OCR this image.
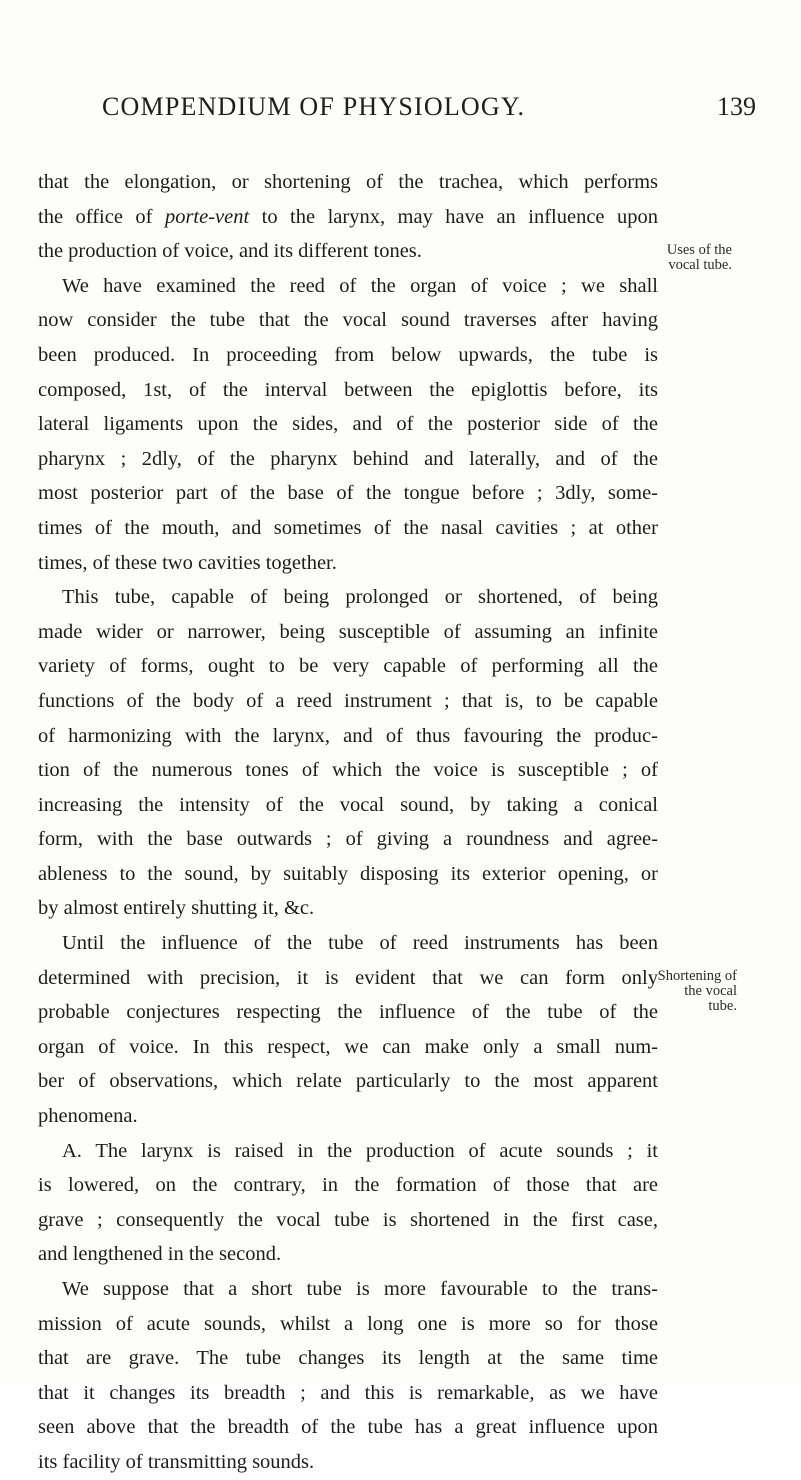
COMPENDIUM OF PHYSIOLOGY.	139
that the elongation, or shortening of the trachea, which performs
the office of porte-vent to the larynx, may have an influence upon
the production of voice, and its different tones.
We have examined the reed of the organ of voice ; we shall
now consider the tube that the vocal sound traverses after having
been produced. In proceeding from below upwards, the tube is
composed, 1st, of the interval between the epiglottis before, its
lateral ligaments upon the sides, and of the posterior side of the
pharynx ; 2dly, of the pharynx behind and laterally, and of the
most posterior part of the base of the tongue before ; 3dly, some-
times of the mouth, and sometimes of the nasal cavities ; at other
times, of these two cavities together.
This tube, capable of being prolonged or shortened, of being
made wider or narrower, being susceptible of assuming an infinite
variety of forms, ought to be very capable of performing all the
functions of the body of a reed instrument ; that is, to be capable
of harmonizing with the larynx, and of thus favouring the produc-
tion of the numerous tones of which the voice is susceptible ; of
increasing the intensity of the vocal sound, by taking a conical
form, with the base outwards ; of giving a roundness and agree-
ableness to the sound, by suitably disposing its exterior opening, or
by almost entirely shutting it, &c.
Until the influence of the tube of reed instruments has been
determined with precision, it is evident that we can form only
probable conjectures respecting the influence of the tube of the
organ of voice. In this respect, we can make only a small num-
ber of observations, which relate particularly to the most apparent
phenomena.
A. The larynx is raised in the production of acute sounds ; it
is lowered, on the contrary, in the formation of those that are
grave ; consequently the vocal tube is shortened in the first case,
and lengthened in the second.
We suppose that a short tube is more favourable to the trans-
mission of acute sounds, whilst a long one is more so for those
that are grave. The tube changes its length at the same time
that it changes its breadth ; and this is remarkable, as we have
seen above that the breadth of the tube has a great influence upon
its facility of transmitting sounds.
Uses of the
vocal tube.
Shortening of
the vocal tube.
